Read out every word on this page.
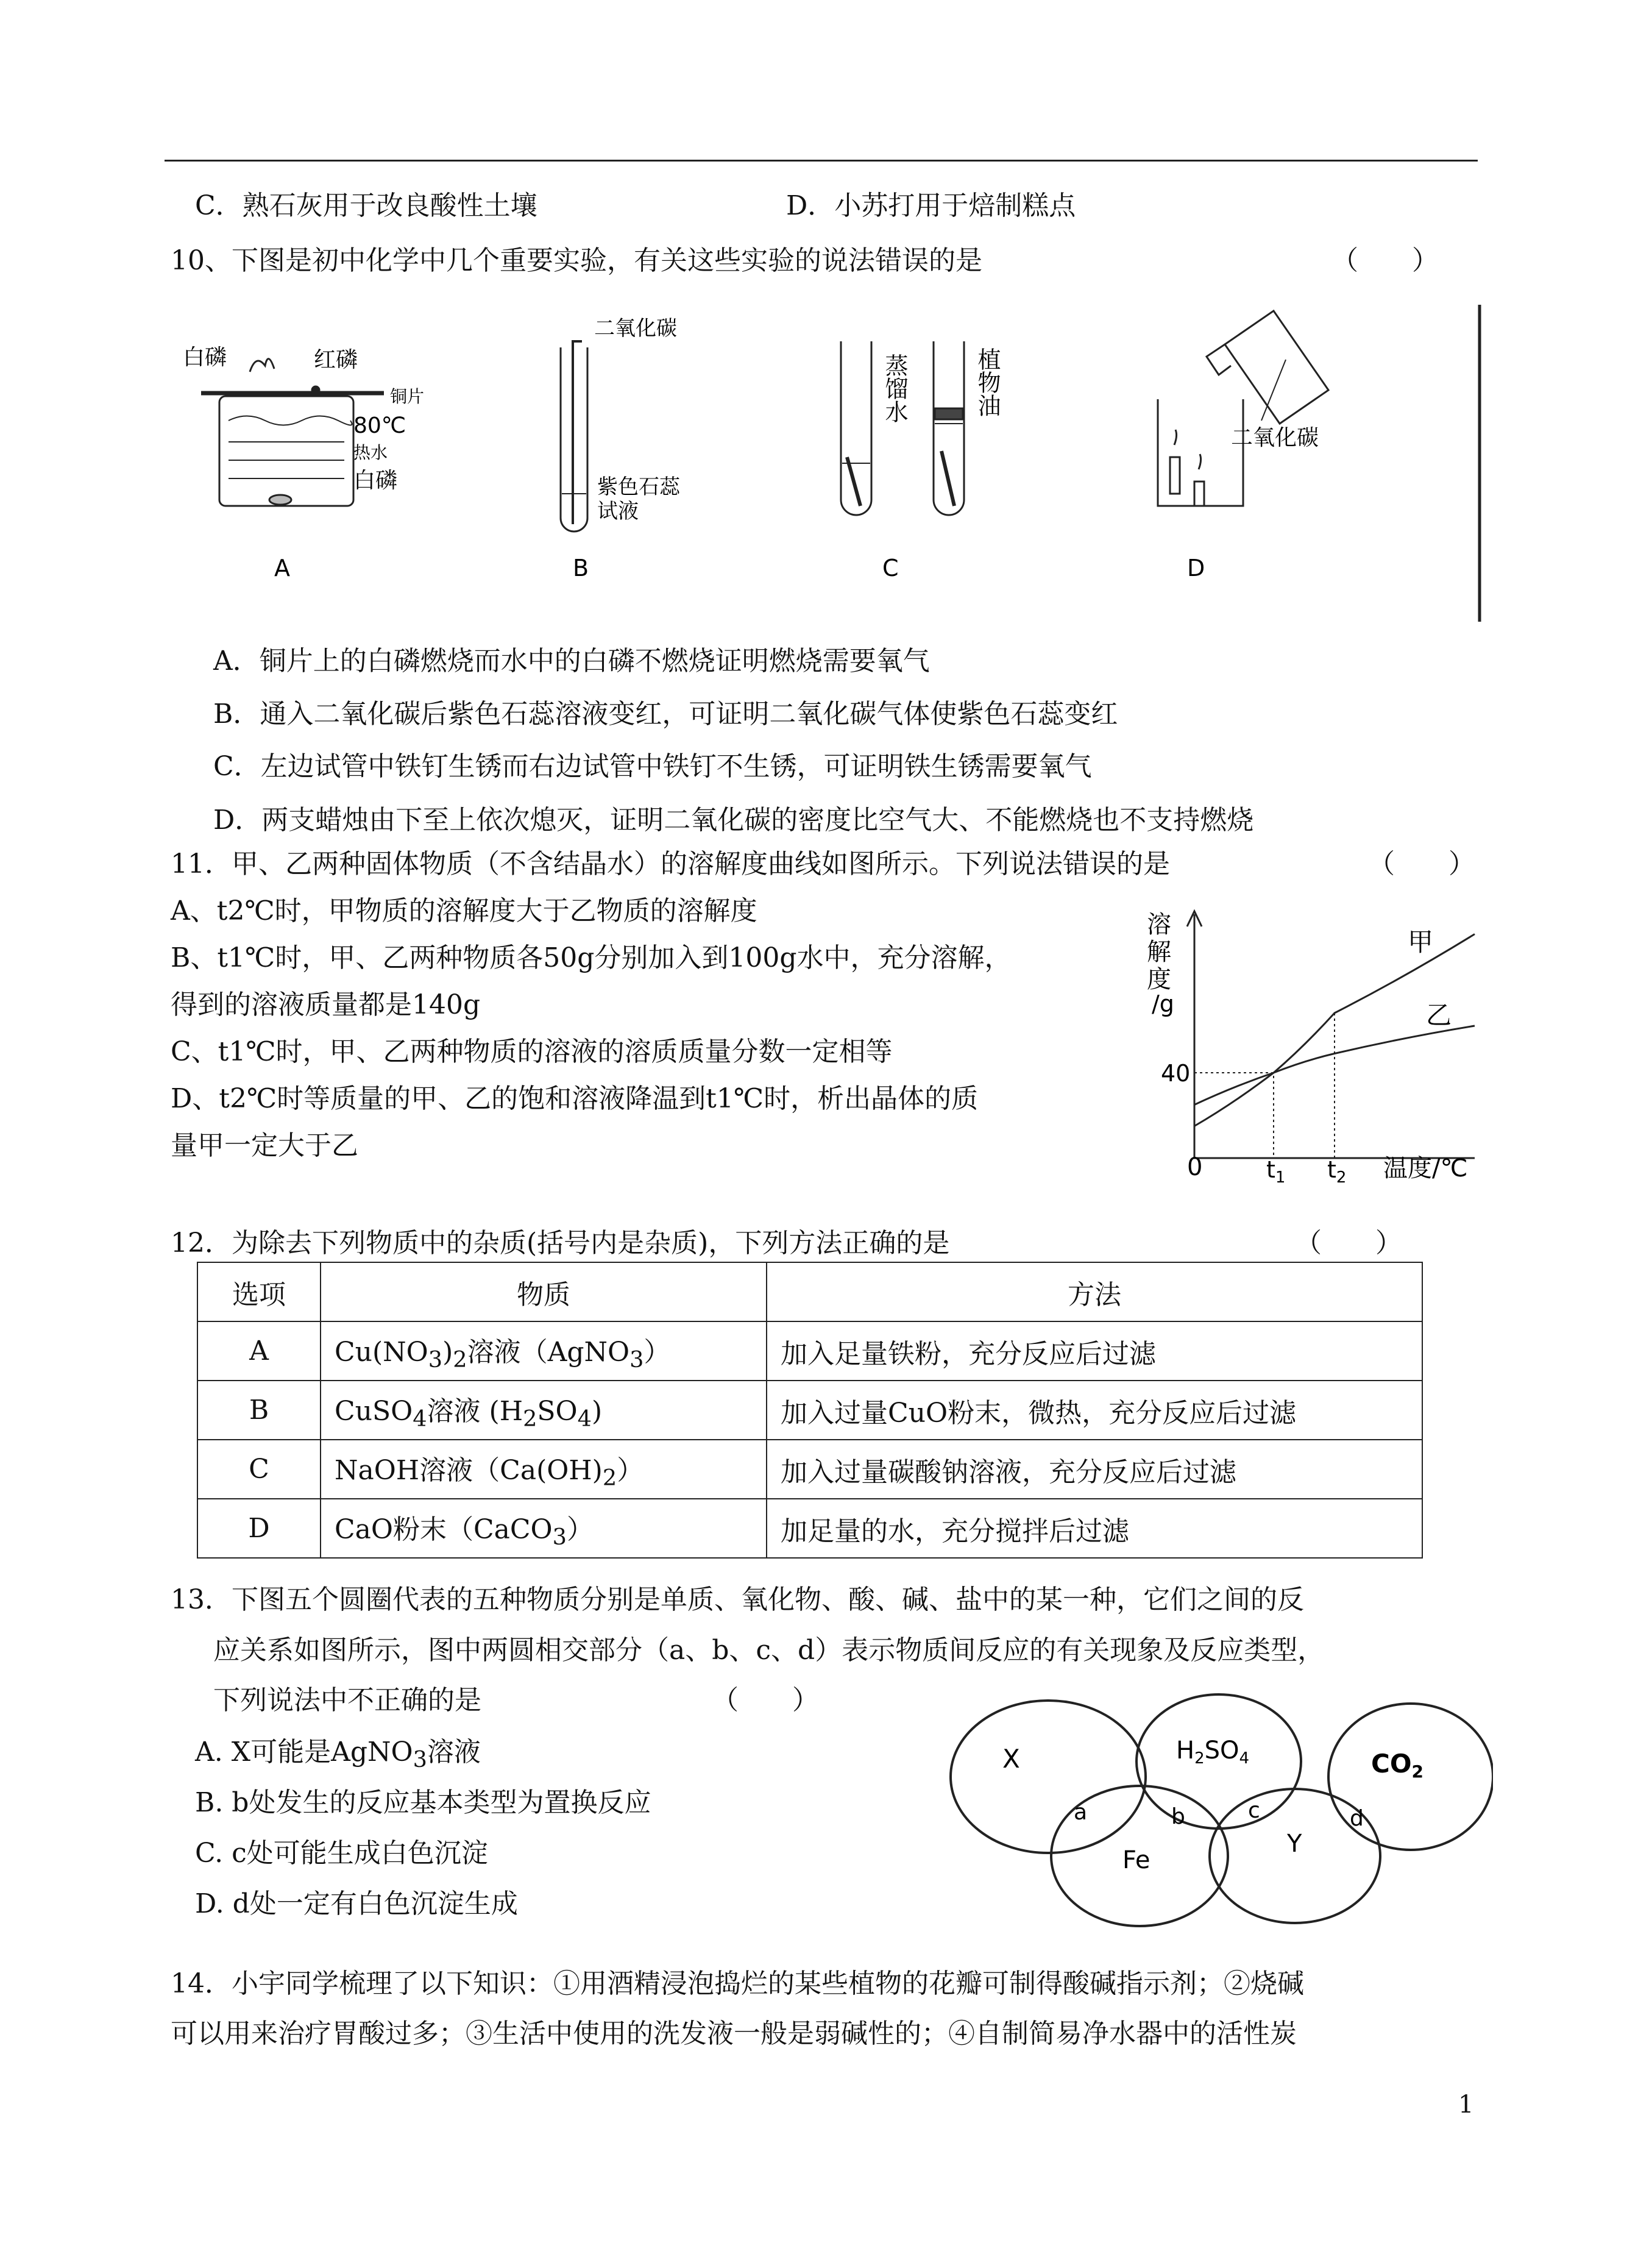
C．熟石灰用于改良酸性土壤	D．小苏打用于焙制糕点
10、下图是初中化学中几个重要实验，有关这些实验的说法错误的是	（　　）
白磷	红磷
铜片
80℃
热水
白磷
A
二氧化碳
紫色石蕊
试液
B
蒸馏水	植物油
C
二氧化碳
D
A．铜片上的白磷燃烧而水中的白磷不燃烧证明燃烧需要氧气
B．通入二氧化碳后紫色石蕊溶液变红，可证明二氧化碳气体使紫色石蕊变红
C．左边试管中铁钉生锈而右边试管中铁钉不生锈，可证明铁生锈需要氧气
D．两支蜡烛由下至上依次熄灭，证明二氧化碳的密度比空气大、不能燃烧也不支持燃烧
11．甲、乙两种固体物质（不含结晶水）的溶解度曲线如图所示。下列说法错误的是	（　　）
A、t2℃时，甲物质的溶解度大于乙物质的溶解度
B、t1℃时，甲、乙两种物质各50g分别加入到100g水中，充分溶解，
得到的溶液质量都是140g
C、t1℃时，甲、乙两种物质的溶液的溶质质量分数一定相等
D、t2℃时等质量的甲、乙的饱和溶液降温到t1℃时，析出晶体的质
量甲一定大于乙
溶
解
度
/g
0	温度/℃
甲
乙
40
$t_1$ $t_2$
12．为除去下列物质中的杂质(括号内是杂质)，下列方法正确的是	（　　）
选项	物质	方法
A	$Cu(NO_3)_2$溶液（AgNO$_3$）	加入足量铁粉，充分反应后过滤
B	CuSO$_4$溶液 $(H_2SO_4)$	加入过量CuO粉末，微热，充分反应后过滤
C	NaOH溶液$(Ca(OH)_2)$	加入过量碳酸钠溶液，充分反应后过滤
D	CaO粉末（CaCO$_3$）	加足量的水，充分搅拌后过滤
13．下图五个圆圈代表的五种物质分别是单质、氧化物、酸、碱、盐中的某一种，它们之间的反
应关系如图所示，图中两圆相交部分（a、b、c、d）表示物质间反应的有关现象及反应类型，
下列说法中不正确的是	（　　）
A. X可能是AgNO$_3$溶液
B. b处发生的反应基本类型为置换反应
C. c处可能生成白色沉淀
D. d处一定有白色沉淀生成
X	$H_2SO_4$	CO2
Fe
Y
a	b	c	d
14．小宇同学梳理了以下知识：①用酒精浸泡捣烂的某些植物的花瓣可制得酸碱指示剂；②烧碱
可以用来治疗胃酸过多；③生活中使用的洗发液一般是弱碱性的；④自制简易净水器中的活性炭
1
